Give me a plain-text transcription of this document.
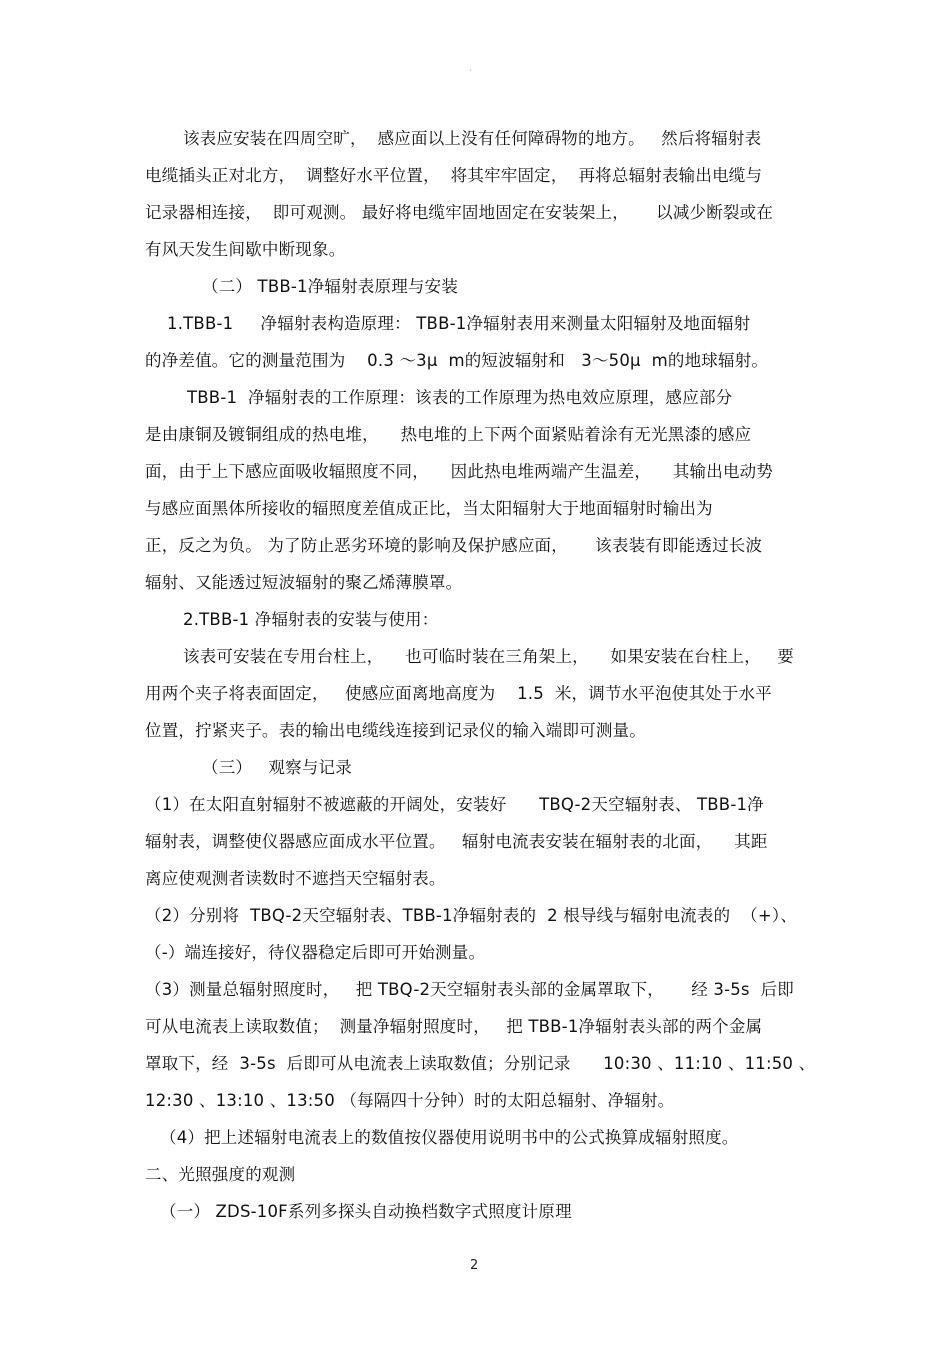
·
该表应安装在四周空旷，  感应面以上没有任何障碍物的地方。   然后将辐射表
电缆插头正对北方，  调整好水平位置，  将其牢牢固定，  再将总辐射表输出电缆与
记录器相连接，  即可观测。 最好将电缆牢固地固定在安装架上，     以减少断裂或在
有风天发生间歇中断现象。
（二） TBB-1净辐射表原理与安装
1.TBB-1     净辐射表构造原理： TBB-1净辐射表用来测量太阳辐射及地面辐射
的净差值。它的测量范围为    0.3 ～3μ  m的短波辐射和   3～50μ  m的地球辐射。
TBB-1  净辐射表的工作原理：该表的工作原理为热电效应原理，感应部分
是由康铜及镀铜组成的热电堆，    热电堆的上下两个面紧贴着涂有无光黑漆的感应
面，由于上下感应面吸收辐照度不同，    因此热电堆两端产生温差，    其输出电动势
与感应面黑体所接收的辐照度差值成正比，当太阳辐射大于地面辐射时输出为
正，反之为负。 为了防止恶劣环境的影响及保护感应面，     该表装有即能透过长波
辐射、又能透过短波辐射的聚乙烯薄膜罩。
2.TBB-1 净辐射表的安装与使用：
该表可安装在专用台柱上，    也可临时装在三角架上，    如果安装在台柱上，   要
用两个夹子将表面固定，   使感应面离地高度为    1.5  米，调节水平泡使其处于水平
位置，拧紧夹子。表的输出电缆线连接到记录仪的输入端即可测量。
（三）   观察与记录
（1）在太阳直射辐射不被遮蔽的开阔处，安装好      TBQ-2天空辐射表、 TBB-1净
辐射表，调整使仪器感应面成水平位置。   辐射电流表安装在辐射表的北面，    其距
离应使观测者读数时不遮挡天空辐射表。
（2）分别将  TBQ-2天空辐射表、TBB-1净辐射表的  2 根导线与辐射电流表的  （+）、
（-）端连接好，待仪器稳定后即可开始测量。
（3）测量总辐射照度时，   把 TBQ-2天空辐射表头部的金属罩取下，     经 3-5s  后即
可从电流表上读取数值；  测量净辐射照度时，   把 TBB-1净辐射表头部的两个金属
罩取下，经  3-5s  后即可从电流表上读取数值；分别记录      10:30 、11:10 、11:50 、
12:30 、13:10 、13:50 （每隔四十分钟）时的太阳总辐射、净辐射。
（4）把上述辐射电流表上的数值按仪器使用说明书中的公式换算成辐射照度。
二、光照强度的观测
（一） ZDS-10F系列多探头自动换档数字式照度计原理
2
